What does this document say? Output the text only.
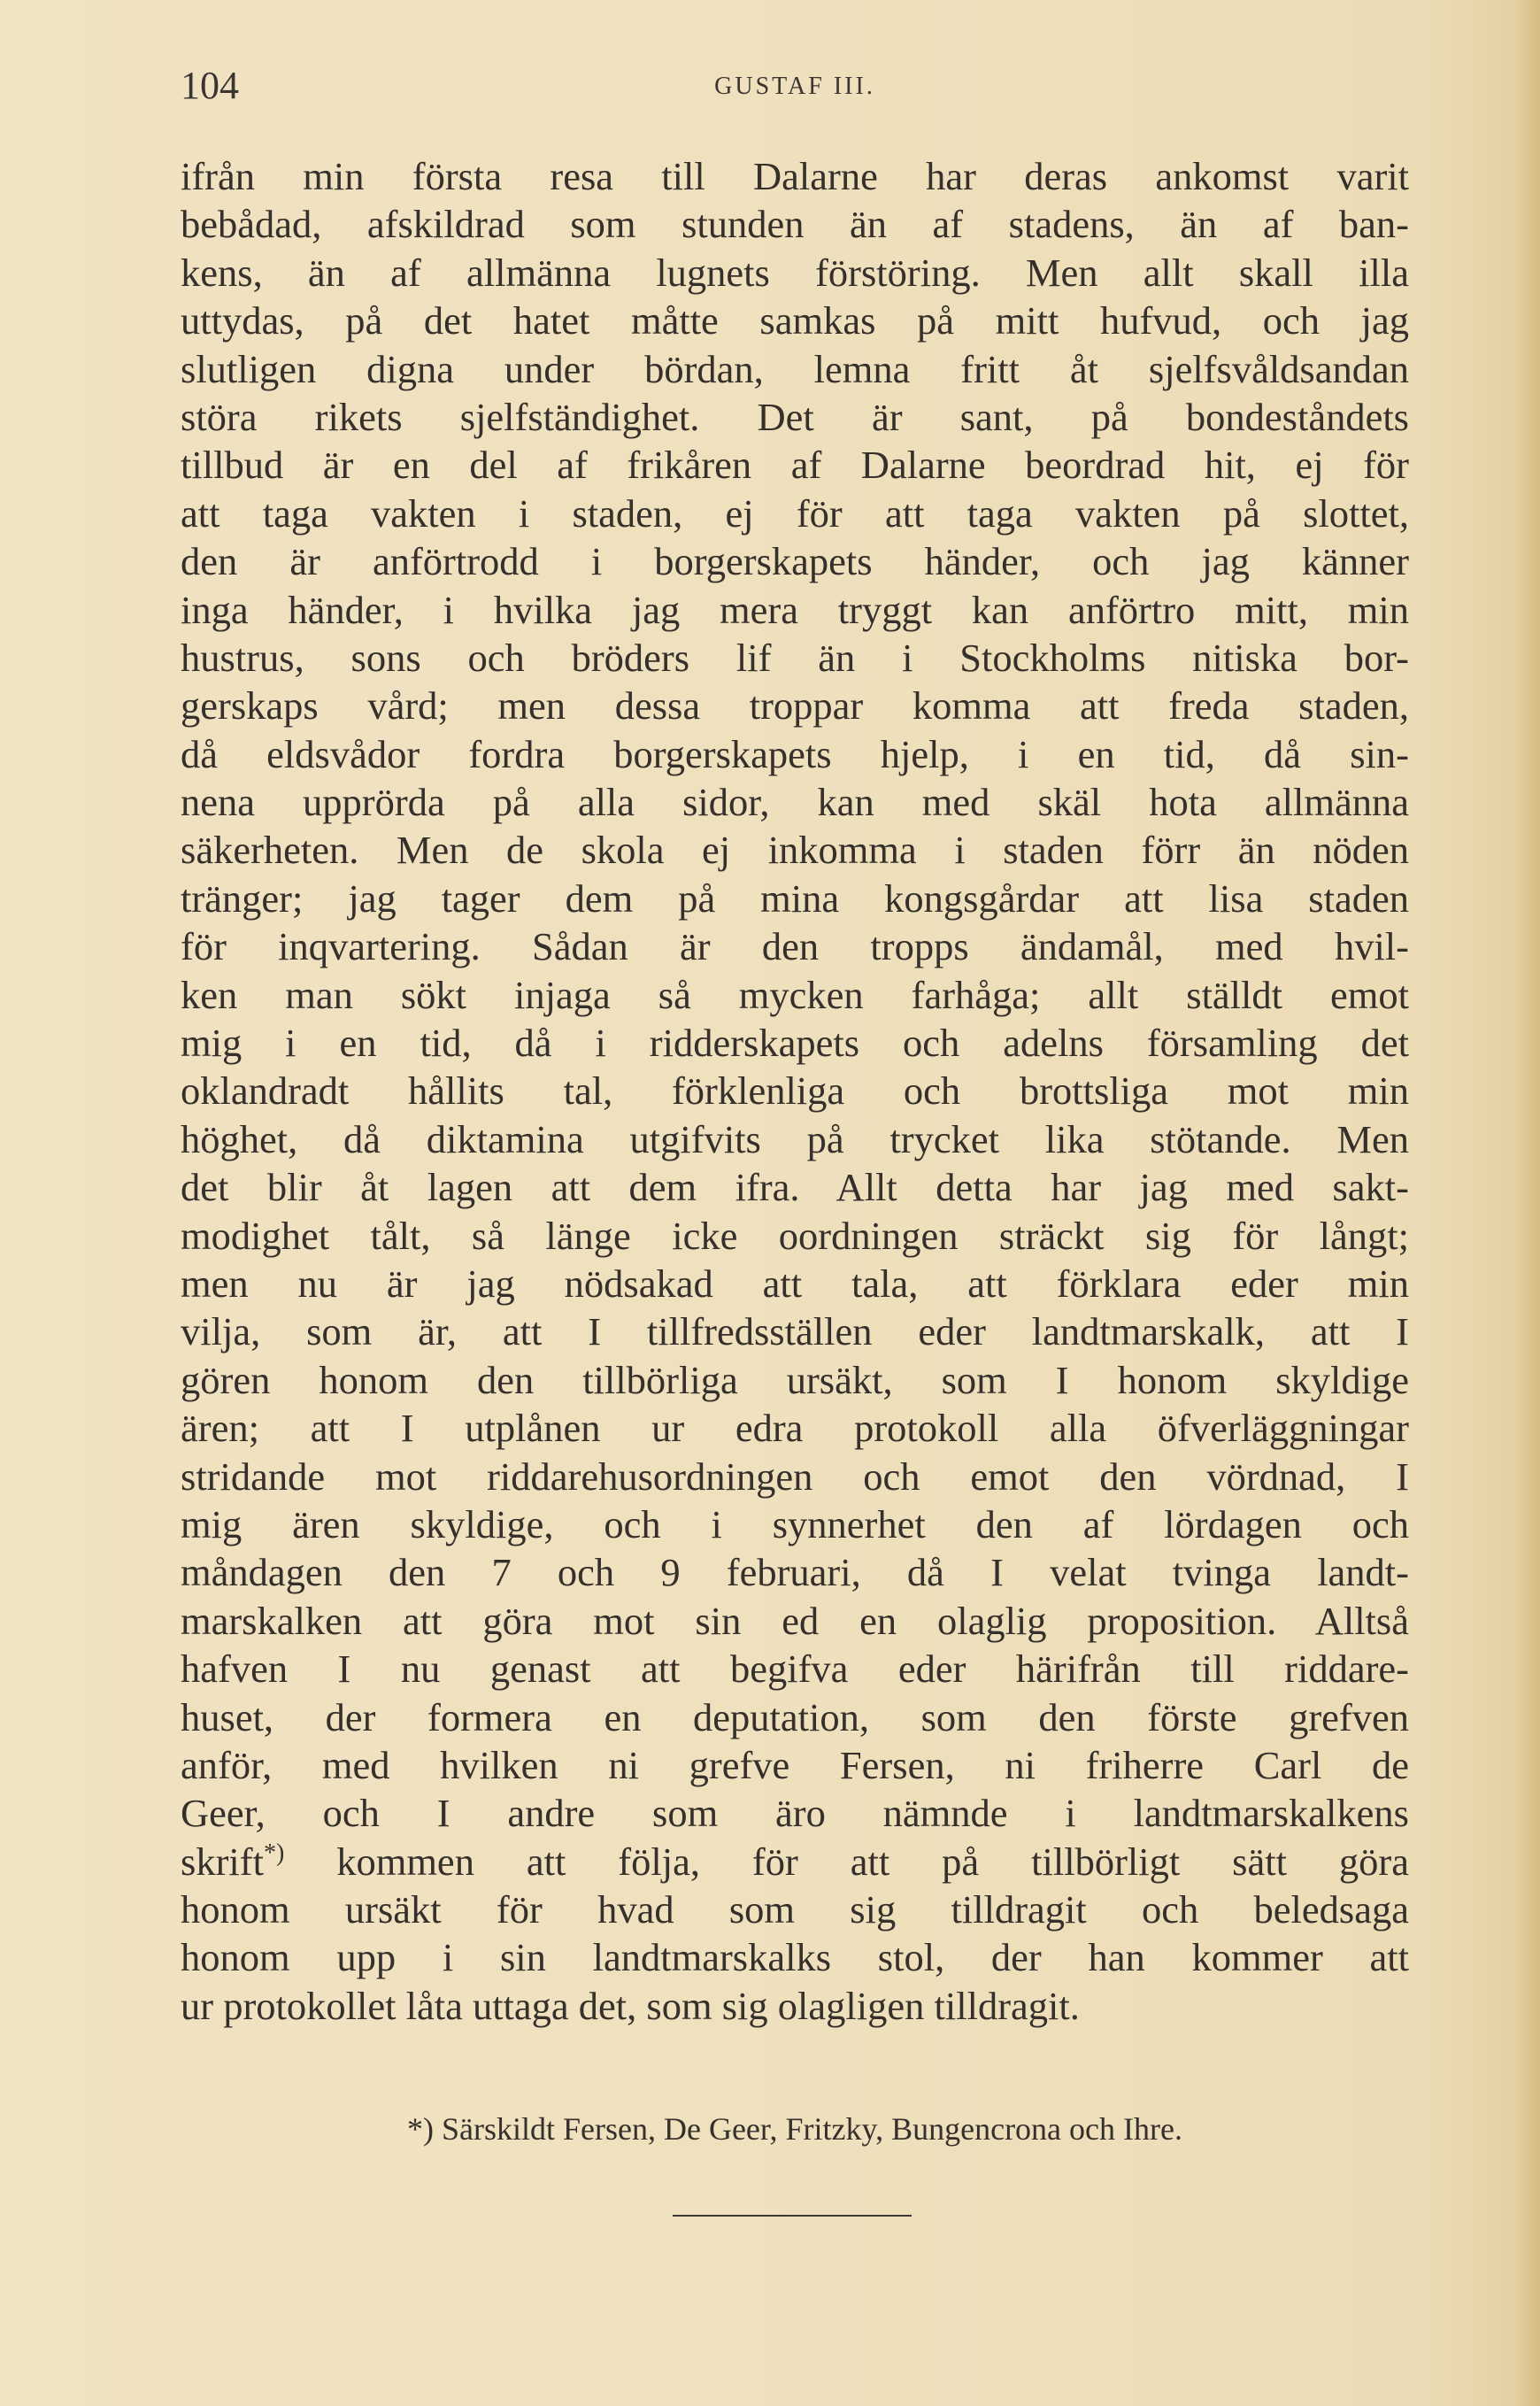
104	GUSTAF III.
ifrån min första resa till Dalarne har deras ankomst varit
bebådad, afskildrad som stunden än af stadens, än af ban-
kens, än af allmänna lugnets förstöring. Men allt skall illa
uttydas, på det hatet måtte samkas på mitt hufvud, och jag
slutligen digna under bördan, lemna fritt åt sjelfsvåldsandan
störa rikets sjelfständighet. Det är sant, på bondeståndets
tillbud är en del af frikåren af Dalarne beordrad hit, ej för
att taga vakten i staden, ej för att taga vakten på slottet,
den är anförtrodd i borgerskapets händer, och jag känner
inga händer, i hvilka jag mera tryggt kan anförtro mitt, min
hustrus, sons och bröders lif än i Stockholms nitiska bor-
gerskaps vård; men dessa troppar komma att freda staden,
då eldsvådor fordra borgerskapets hjelp, i en tid, då sin-
nena upprörda på alla sidor, kan med skäl hota allmänna
säkerheten. Men de skola ej inkomma i staden förr än nöden
tränger; jag tager dem på mina kongsgårdar att lisa staden
för inqvartering. Sådan är den tropps ändamål, med hvil-
ken man sökt injaga så mycken farhåga; allt ställdt emot
mig i en tid, då i ridderskapets och adelns församling det
oklandradt hållits tal, förklenliga och brottsliga mot min
höghet, då diktamina utgifvits på trycket lika stötande. Men
det blir åt lagen att dem ifra. Allt detta har jag med sakt-
modighet tålt, så länge icke oordningen sträckt sig för långt;
men nu är jag nödsakad att tala, att förklara eder min
vilja, som är, att I tillfredsställen eder landtmarskalk, att I
gören honom den tillbörliga ursäkt, som I honom skyldige
ären; att I utplånen ur edra protokoll alla öfverläggningar
stridande mot riddarehusordningen och emot den vördnad, I
mig ären skyldige, och i synnerhet den af lördagen och
måndagen den 7 och 9 februari, då I velat tvinga landt-
marskalken att göra mot sin ed en olaglig proposition. Alltså
hafven I nu genast att begifva eder härifrån till riddare-
huset, der formera en deputation, som den förste grefven
anför, med hvilken ni grefve Fersen, ni friherre Carl de
Geer, och I andre som äro nämnde i landtmarskalkens
skrift*) kommen att följa, för att på tillbörligt sätt göra
honom ursäkt för hvad som sig tilldragit och beledsaga
honom upp i sin landtmarskalks stol, der han kommer att
ur protokollet låta uttaga det, som sig olagligen tilldragit.
*) Särskildt Fersen, De Geer, Fritzky, Bungencrona och Ihre.
